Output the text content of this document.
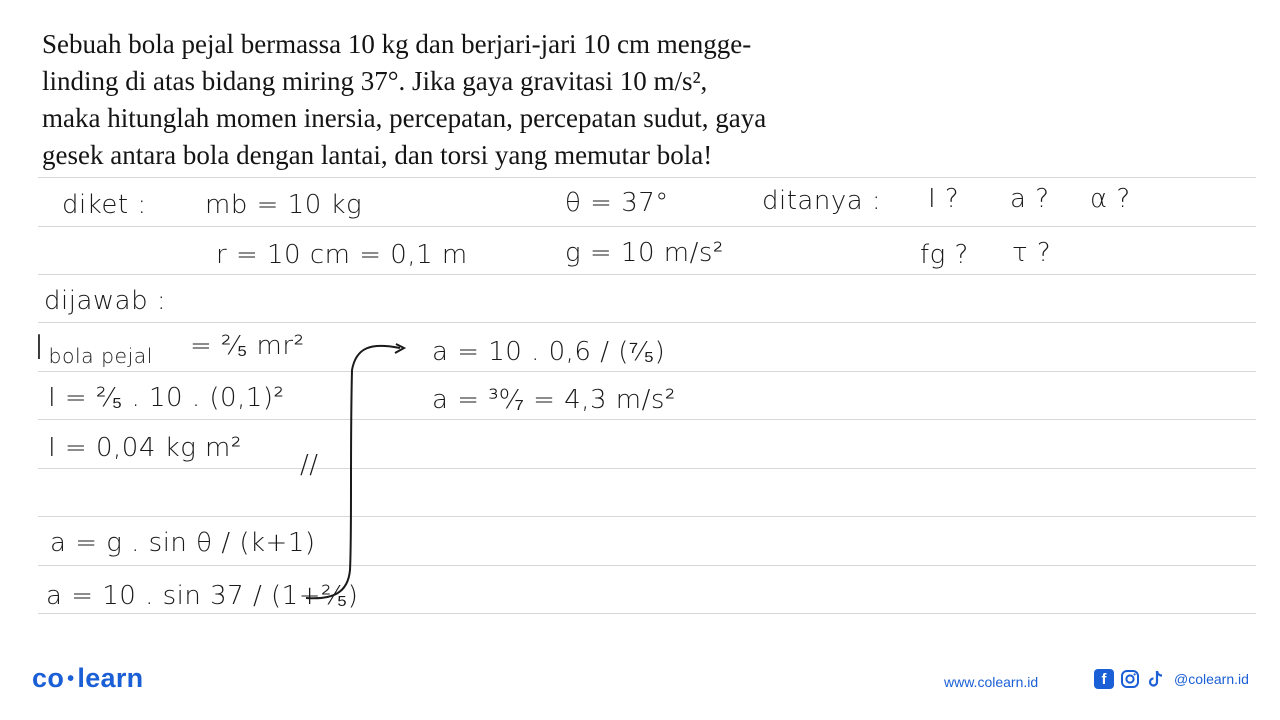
Sebuah bola pejal bermassa 10 kg dan berjari-jari 10 cm mengge-
linding di atas bidang miring 37°. Jika gaya gravitasi 10 m/s²,
maka hitunglah momen inersia, percepatan, percepatan sudut, gaya
gesek antara bola dengan lantai, dan torsi yang memutar bola!
diket : mb = 10 kg	θ = 37°	ditanya : I ? a ? α ?
r = 10 cm = 0,1 m	g = 10 m/s²	fg ? τ ?
dijawab :
Ibola pejal = ²⁄₅ mr²
I = ²⁄₅ . 10 . (0,1)²
I = 0,04 kg m²
//
a = g . sin θ / (k+1)
a = 10 . sin 37 / (1+²⁄₅)
a = 10 . 0,6 / (⁷⁄₅)
a = ³⁰⁄₇ = 4,3 m/s²
co • learn	www.colearn.id	f	@colearn.id
